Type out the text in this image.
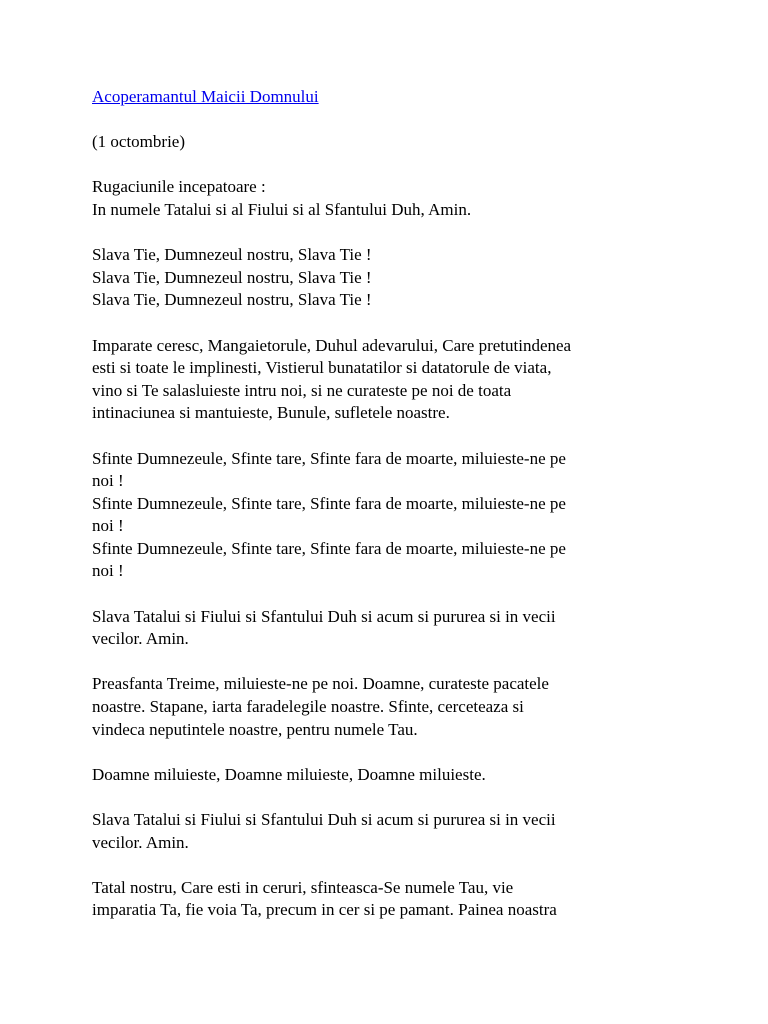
Acoperamantul Maicii Domnului

(1 octombrie)

Rugaciunile incepatoare :
In numele Tatalui si al Fiului si al Sfantului Duh, Amin.

Slava Tie, Dumnezeul nostru, Slava Tie !
Slava Tie, Dumnezeul nostru, Slava Tie !
Slava Tie, Dumnezeul nostru, Slava Tie !

Imparate ceresc, Mangaietorule, Duhul adevarului, Care pretutindenea
esti si toate le implinesti, Vistierul bunatatilor si datatorule de viata,
vino si Te salasluieste intru noi, si ne curateste pe noi de toata
intinaciunea si mantuieste, Bunule, sufletele noastre.

Sfinte Dumnezeule, Sfinte tare, Sfinte fara de moarte, miluieste-ne pe
noi !
Sfinte Dumnezeule, Sfinte tare, Sfinte fara de moarte, miluieste-ne pe
noi !
Sfinte Dumnezeule, Sfinte tare, Sfinte fara de moarte, miluieste-ne pe
noi !

Slava Tatalui si Fiului si Sfantului Duh si acum si pururea si in vecii
vecilor. Amin.

Preasfanta Treime, miluieste-ne pe noi. Doamne, curateste pacatele
noastre. Stapane, iarta faradelegile noastre. Sfinte, cerceteaza si
vindeca neputintele noastre, pentru numele Tau.

Doamne miluieste, Doamne miluieste, Doamne miluieste.

Slava Tatalui si Fiului si Sfantului Duh si acum si pururea si in vecii
vecilor. Amin.

Tatal nostru, Care esti in ceruri, sfinteasca-Se numele Tau, vie
imparatia Ta, fie voia Ta, precum in cer si pe pamant. Painea noastra
